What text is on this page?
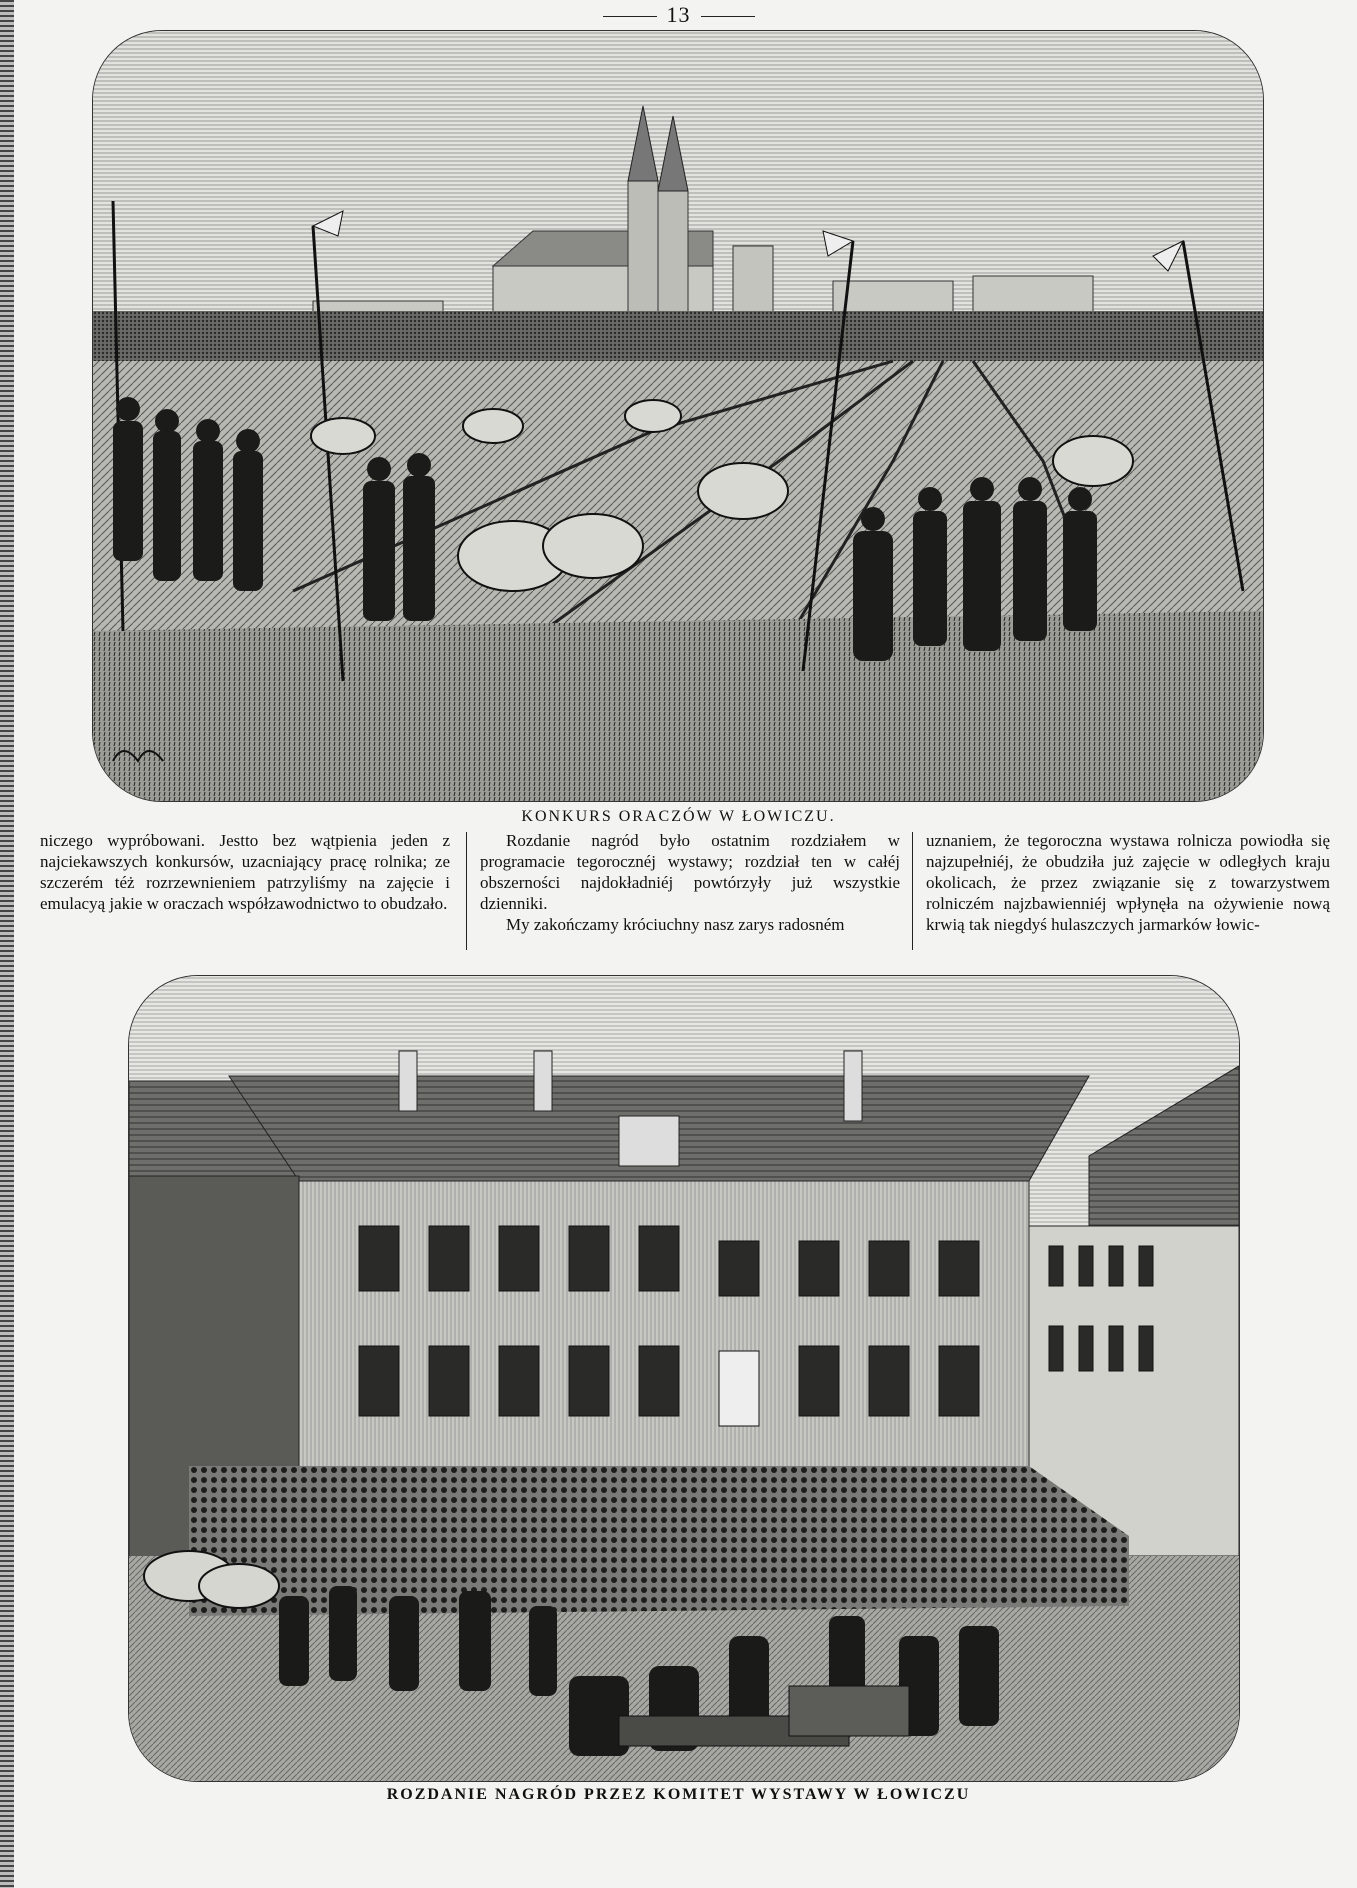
13
KONKURS ORACZÓW W ŁOWICZU.

niczego wypróbowani. Jestto bez wątpienia jeden z najciekawszych konkursów, uzacniający pracę rolnika; ze szczerém téż rozrzewnieniem patrzyliśmy na zajęcie i emulacyą jakie w oraczach współzawodnictwo to obudzało.

Rozdanie nagród było ostatnim rozdziałem w programacie tegorocznéj wystawy; rozdział ten w całéj obszerności najdokładniéj powtórzyły już wszystkie dzienniki.

My zakończamy króciuchny nasz zarys radosném

uznaniem, że tegoroczna wystawa rolnicza powiodła się najzupełniéj, że obudziła już zajęcie w odległych kraju okolicach, że przez związanie się z towarzystwem rolniczém najzbawienniéj wpłynęła na ożywienie nową krwią tak niegdyś hulaszczych jarmarków łowic-

ROZDANIE NAGRÓD PRZEZ KOMITET WYSTAWY W ŁOWICZU
